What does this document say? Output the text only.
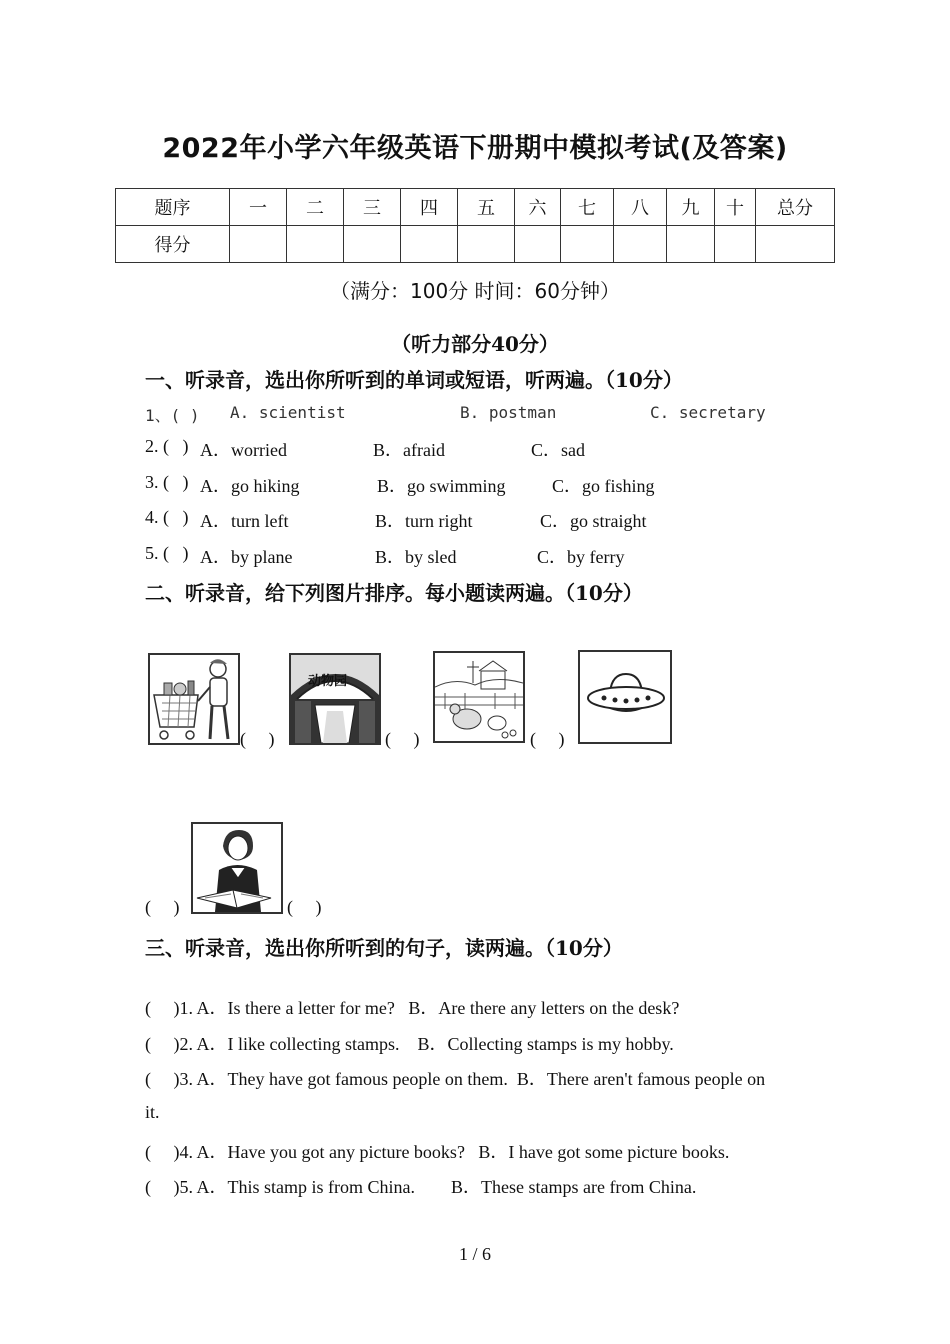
2022年小学六年级英语下册期中模拟考试(及答案)
题序	一	二	三	四	五	六	七	八	九	十	总分
得分											
（满分：100分 时间：60分钟）
（听力部分40分）
一、听录音，选出你所听到的单词或短语，听两遍。（10分）
1、( ) A. scientist	B. postman	C. secretary
2. (   ) A．worried	B．afraid	C．sad
3. (   ) A．go hiking	B．go swimming	C．go fishing
4. (   ) A．turn left	B．turn right	C．go straight
5. (   ) A．by plane	B．by sled	C．by ferry
二、听录音，给下列图片排序。每小题读两遍。（10分）
(     )
动物园
(     )	(     )
(     )	(     )
三、听录音，选出你所听到的句子，读两遍。（10分）
(     )1. A．Is there a letter for me?   B．Are there any letters on the desk?
(     )2. A．I like collecting stamps.    B．Collecting stamps is my hobby.
(     )3. A．They have got famous people on them.  B．There aren't famous people on
it.
(     )4. A．Have you got any picture books?   B．I have got some picture books.
(     )5. A．This stamp is from China.        B．These stamps are from China.
1 / 6
